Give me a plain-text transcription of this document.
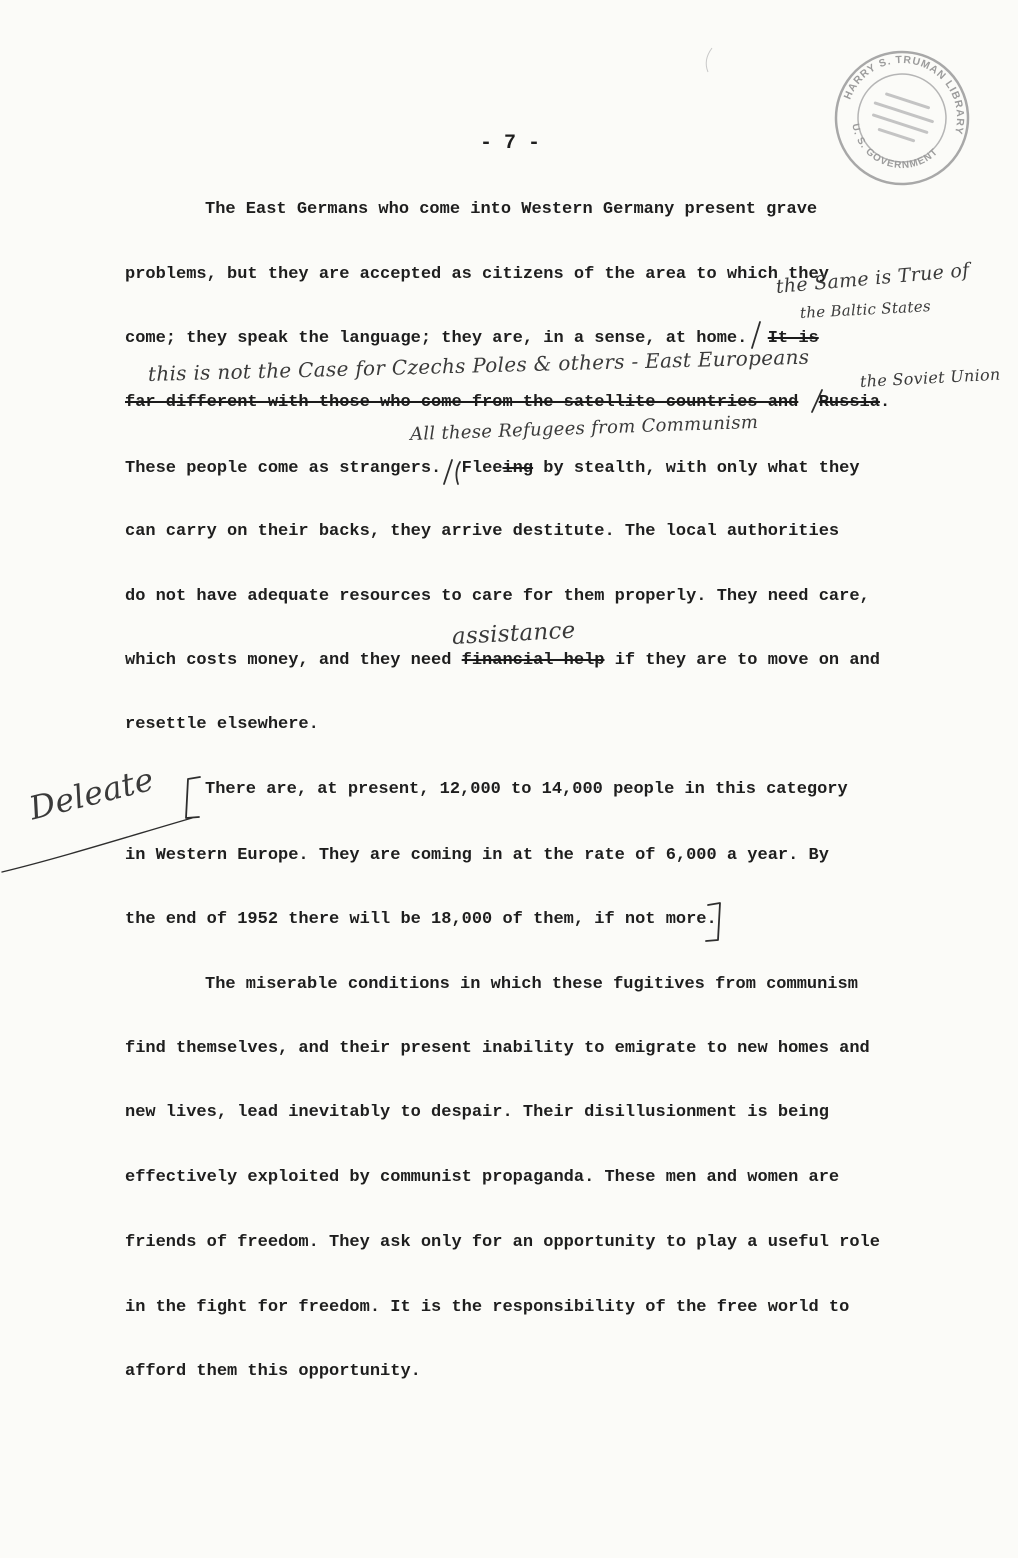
HARRY S. TRUMAN LIBRARY
U. S. GOVERNMENT
- 7 -
The East Germans who come into Western Germany present grave
problems, but they are accepted as citizens of the area to which they
come; they speak the language; they are, in a sense, at home. It is
far different with those who come from the satellite countries and Russia.
These people come as strangers. Fleeing by stealth, with only what they
can carry on their backs, they arrive destitute. The local authorities
do not have adequate resources to care for them properly. They need care,
which costs money, and they need financial help if they are to move on and
resettle elsewhere.
There are, at present, 12,000 to 14,000 people in this category
in Western Europe. They are coming in at the rate of 6,000 a year. By
the end of 1952 there will be 18,000 of them, if not more.
The miserable conditions in which these fugitives from communism
find themselves, and their present inability to emigrate to new homes and
new lives, lead inevitably to despair. Their disillusionment is being
effectively exploited by communist propaganda. These men and women are
friends of freedom. They ask only for an opportunity to play a useful role
in the fight for freedom. It is the responsibility of the free world to
afford them this opportunity.
the Same is True of
the Baltic States
this is not the Case for Czechs Poles & others - East Europeans	the Soviet Union
All these Refugees from Communism
assistance
Deleate
